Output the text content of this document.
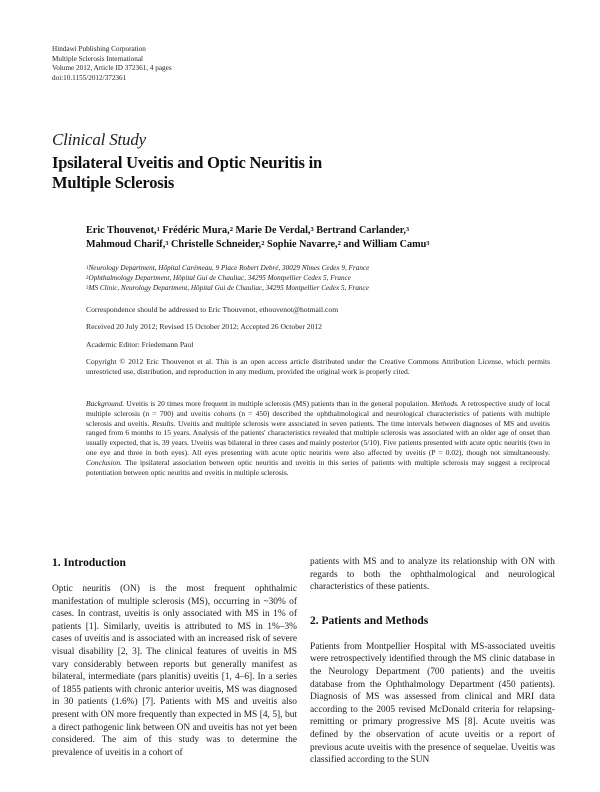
Hindawi Publishing Corporation
Multiple Sclerosis International
Volume 2012, Article ID 372361, 4 pages
doi:10.1155/2012/372361
Clinical Study
Ipsilateral Uveitis and Optic Neuritis in
Multiple Sclerosis
Eric Thouvenot,$^1$ Frédéric Mura,$^2$ Marie De Verdal,$^3$ Bertrand Carlander,$^3$
Mahmoud Charif,$^3$ Christelle Schneider,$^2$ Sophie Navarre,$^2$ and William Camu$^3$
$^1$Neurology Department, Hôpital Carémeau, 9 Place Robert Debré, 30029 Nîmes Cedex 9, France
$^2$Ophthalmology Department, Hôpital Gui de Chauliac, 34295 Montpellier Cedex 5, France
$^3$MS Clinic, Neurology Department, Hôpital Gui de Chauliac, 34295 Montpellier Cedex 5, France
Correspondence should be addressed to Eric Thouvenot, ethouvenot@hotmail.com
Received 20 July 2012; Revised 15 October 2012; Accepted 26 October 2012
Academic Editor: Friedemann Paul
Copyright © 2012 Eric Thouvenot et al. This is an open access article distributed under the Creative Commons Attribution License, which permits unrestricted use, distribution, and reproduction in any medium, provided the original work is properly cited.
Background. Uveitis is 20 times more frequent in multiple sclerosis (MS) patients than in the general population. Methods. A retrospective study of local multiple sclerosis (n = 700) and uveitis cohorts (n = 450) described the ophthalmological and neurological characteristics of patients with multiple sclerosis and uveitis. Results. Uveitis and multiple sclerosis were associated in seven patients. The time intervals between diagnoses of MS and uveitis ranged from 6 months to 15 years. Analysis of the patients' characteristics revealed that multiple sclerosis was associated with an older age of onset than usually expected, that is, 39 years. Uveitis was bilateral in three cases and mainly posterior (5/10). Five patients presented with acute optic neuritis (two in one eye and three in both eyes). All eyes presenting with acute optic neuritis were also affected by uveitis (P = 0.02), though not simultaneously. Conclusion. The ipsilateral association between optic neuritis and uveitis in this series of patients with multiple sclerosis may suggest a reciprocal potentiation between optic neuritis and uveitis in multiple sclerosis.
1. Introduction

Optic neuritis (ON) is the most frequent ophthalmic manifestation of multiple sclerosis (MS), occurring in ~30% of cases. In contrast, uveitis is only associated with MS in 1% of patients [1]. Similarly, uveitis is attributed to MS in 1%–3% cases of uveitis and is associated with an increased risk of severe visual disability [2, 3]. The clinical features of uveitis in MS vary considerably between reports but generally manifest as bilateral, intermediate (pars planitis) uveitis [1, 4–6]. In a series of 1855 patients with chronic anterior uveitis, MS was diagnosed in 30 patients (1.6%) [7]. Patients with MS and uveitis also present with ON more frequently than expected in MS [4, 5], but a direct pathogenic link between ON and uveitis has not yet been considered. The aim of this study was to determine the prevalence of uveitis in a cohort of

patients with MS and to analyze its relationship with ON with regards to both the ophthalmological and neurological characteristics of these patients.

2. Patients and Methods

Patients from Montpellier Hospital with MS-associated uveitis were retrospectively identified through the MS clinic database in the Neurology Department (700 patients) and the uveitis database from the Ophthalmology Department (450 patients). Diagnosis of MS was assessed from clinical and MRI data according to the 2005 revised McDonald criteria for relapsing-remitting or primary progressive MS [8]. Acute uveitis was defined by the observation of acute uveitis or a report of previous acute uveitis with the presence of sequelae. Uveitis was classified according to the SUN
